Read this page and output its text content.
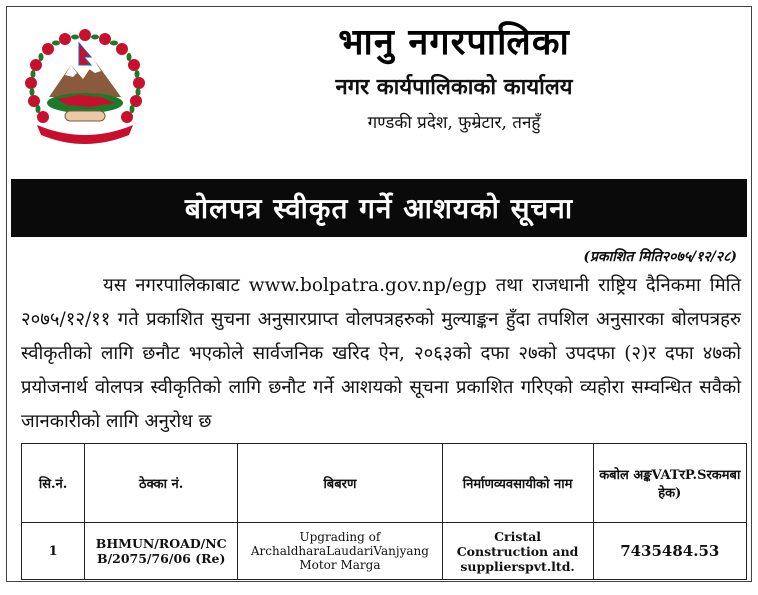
भानु नगरपालिका
नगर कार्यपालिकाको कार्यालय
गण्डकी प्रदेश, फुम्रेटार, तनहुँ
बोलपत्र स्वीकृत गर्ने आशयको सूचना
(प्रकाशित मिति२०७५/१२/२८)

यस नगरपालिकाबाट www.bolpatra.gov.np/egp तथा राजधानी राष्ट्रिय दैनिकमा मिति २०७५/१२/११ गते प्रकाशित सुचना अनुसारप्राप्त वोलपत्रहरुको मुल्याङ्कन हुँदा तपशिल अनुसारका बोलपत्रहरु स्वीकृतीको लागि छनौट भएकोले सार्वजनिक खरिद ऐन, २०६३को दफा २७को उपदफा (२)र दफा ४७को प्रयोजनार्थ वोलपत्र स्वीकृतिको लागि छनौट गर्ने आशयको सूचना प्रकाशित गरिएको व्यहोरा सम्वन्धित सवैको जानकारीको लागि अनुरोध छ

सि.नं.	ठेक्का नं.	बिबरण	निर्माणव्यवसायीको नाम	कबोल अङ्कVATरP.Sरकमबा हेक)
1	BHMUN/ROAD/NC B/2075/76/06 (Re)	Upgrading of ArchaldharaLaudariVanjyang Motor Marga	Cristal Construction and supplierspvt.ltd.	7435484.53
